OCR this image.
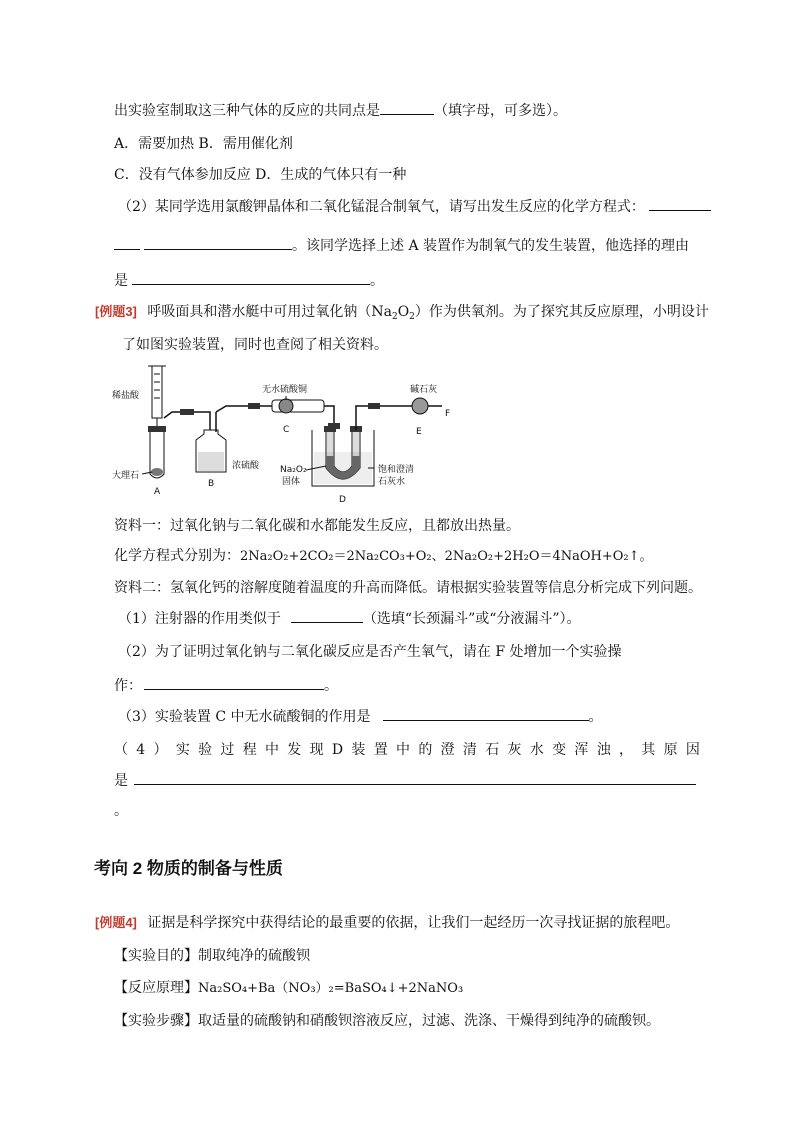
出实验室制取这三种气体的反应的共同点是	（填字母，可多选）。
A．需要加热 B．需用催化剂
C．没有气体参加反应 D．生成的气体只有一种
（2）某同学选用氯酸钾晶体和二氧化锰混合制氧气，请写出发生反应的化学方程式：
。该同学选择上述 A 装置作为制氧气的发生装置，他选择的理由
是	。
[例题3] 呼吸面具和潜水艇中可用过氧化钠$(Na_2O_2)$作为供氧剂。为了探究其反应原理，小明设计
了如图实验装置，同时也查阅了相关资料。
稀盐酸
大理石
A
浓硫酸
B
无水硫酸铜
C
Na₂O₂
固体
饱和澄清
石灰水
D
碱石灰
E
F
资料一：过氧化钠与二氧化碳和水都能发生反应，且都放出热量。
化学方程式分别为：2Na₂O₂+2CO₂＝2Na₂CO₃+O₂、2Na₂O₂+2H₂O＝4NaOH+O₂↑。
资料二：氢氧化钙的溶解度随着温度的升高而降低。请根据实验装置等信息分析完成下列问题。
（1）注射器的作用类似于	（选填“长颈漏斗”或“分液漏斗”）。
（2）为了证明过氧化钠与二氧化碳反应是否产生氧气，请在 F 处增加一个实验操
作：	。
（3）实验装置 C 中无水硫酸铜的作用是	。
（ 4 ） 实 验 过 程 中 发 现 D 装 置 中 的 澄 清 石 灰 水 变 浑 浊 ， 其 原 因
是
。
考向 2 物质的制备与性质
[例题4] 证据是科学探究中获得结论的最重要的依据，让我们一起经历一次寻找证据的旅程吧。
【实验目的】制取纯净的硫酸钡
【反应原理】Na₂SO₄+Ba（NO₃）₂=BaSO₄↓+2NaNO₃
【实验步骤】取适量的硫酸钠和硝酸钡溶液反应，过滤、洗涤、干燥得到纯净的硫酸钡。
